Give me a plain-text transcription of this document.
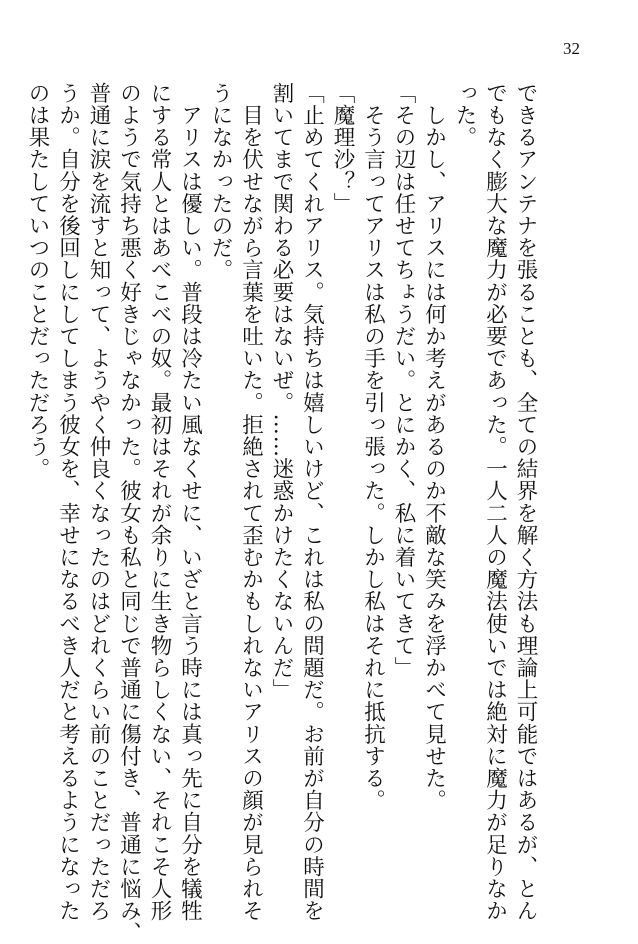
32

できるアンテナを張ることも、全ての結界を解く方法も理論上可能ではあるが、とん

でもなく膨大な魔力が必要であった。一人二人の魔法使いでは絶対に魔力が足りなか

った。

　しかし、アリスには何か考えがあるのか不敵な笑みを浮かべて見せた。

「その辺は任せてちょうだい。とにかく、私に着いてきて」

　そう言ってアリスは私の手を引っ張った。しかし私はそれに抵抗する。

「魔理沙？」

「止めてくれアリス。気持ちは嬉しいけど、これは私の問題だ。お前が自分の時間を

割いてまで関わる必要はないぜ。……迷惑かけたくないんだ」

　目を伏せながら言葉を吐いた。拒絶されて歪むかもしれないアリスの顔が見られそ

うになかったのだ。

　アリスは優しい。普段は冷たい風なくせに、いざと言う時には真っ先に自分を犠牲

にする常人とはあべこべの奴。最初はそれが余りに生き物らしくない、それこそ人形

のようで気持ち悪く好きじゃなかった。彼女も私と同じで普通に傷付き、普通に悩み、

普通に涙を流すと知って、ようやく仲良くなったのはどれくらい前のことだっただろ

うか。自分を後回しにしてしまう彼女を、幸せになるべき人だと考えるようになった

のは果たしていつのことだっただろう。
